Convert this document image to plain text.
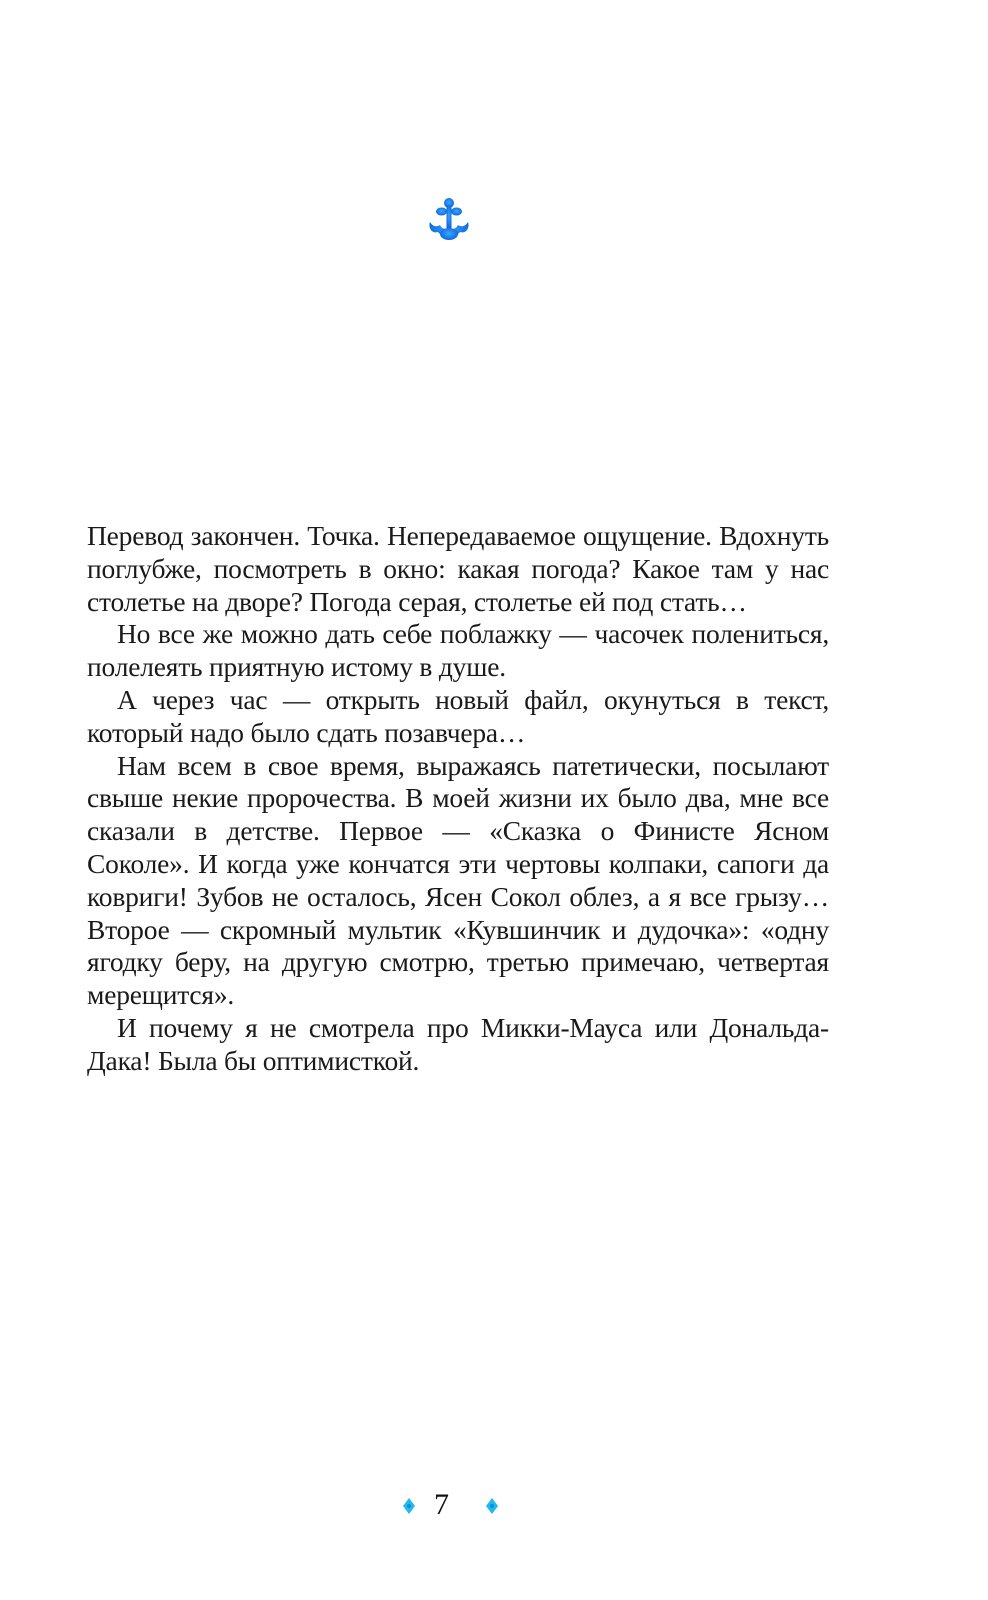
Перевод закончен. Точка. Непередаваемое ощущение. Вдохнуть поглубже, посмотреть в окно: какая погода? Какое там у нас столетье на дворе? Погода серая, столетье ей под стать…

Но все же можно дать себе поблажку — часочек полениться, полелеять приятную истому в душе.

А через час — открыть новый файл, окунуться в текст, который надо было сдать позавчера…

Нам всем в свое время, выражаясь патетически, посылают свыше некие пророчества. В моей жизни их было два, мне все сказали в детстве. Первое — «Сказка о Финисте Ясном Соколе». И когда уже кончатся эти чертовы колпаки, сапоги да ковриги! Зубов не осталось, Ясен Сокол облез, а я все грызу… Второе — скромный мультик «Кувшинчик и дудочка»: «одну ягодку беру, на другую смотрю, третью примечаю, четвертая мерещится».

И почему я не смотрела про Микки-Мауса или Дональда-Дака! Была бы оптимисткой.

7
